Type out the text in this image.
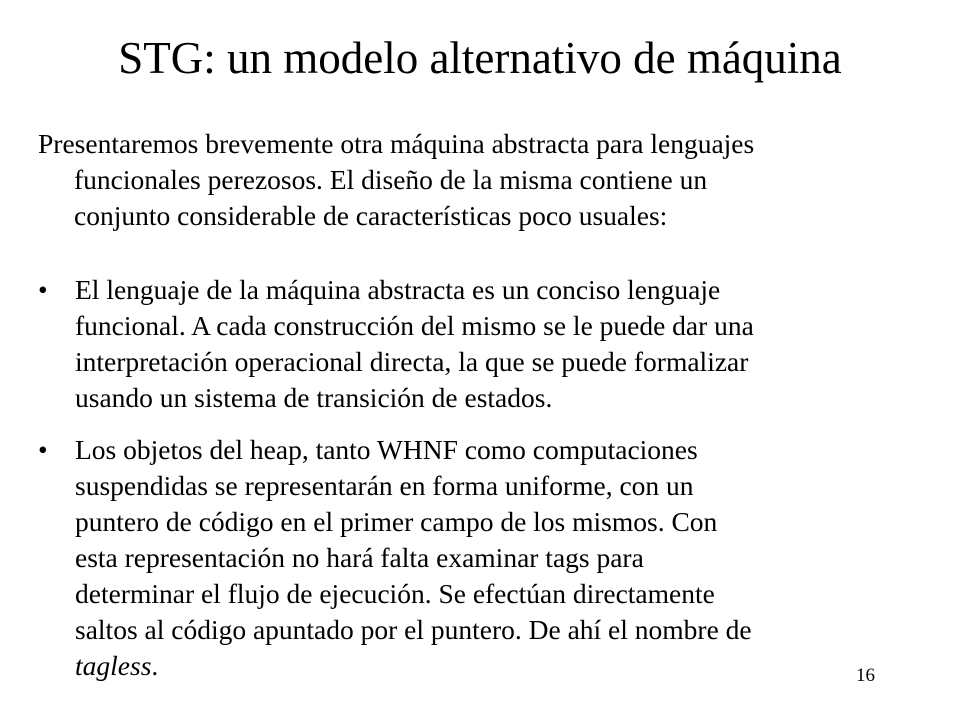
STG: un modelo alternativo de máquina
Presentaremos brevemente otra máquina abstracta para lenguajes
funcionales perezosos. El diseño de la misma contiene un
conjunto considerable de características poco usuales:
• El lenguaje de la máquina abstracta es un conciso lenguaje
funcional. A cada construcción del mismo se le puede dar una
interpretación operacional directa, la que se puede formalizar
usando un sistema de transición de estados.
• Los objetos del heap, tanto WHNF como computaciones
suspendidas se representarán en forma uniforme, con un
puntero de código en el primer campo de los mismos. Con
esta representación no hará falta examinar tags para
determinar el flujo de ejecución. Se efectúan directamente
saltos al código apuntado por el puntero. De ahí el nombre de
tagless.	16
